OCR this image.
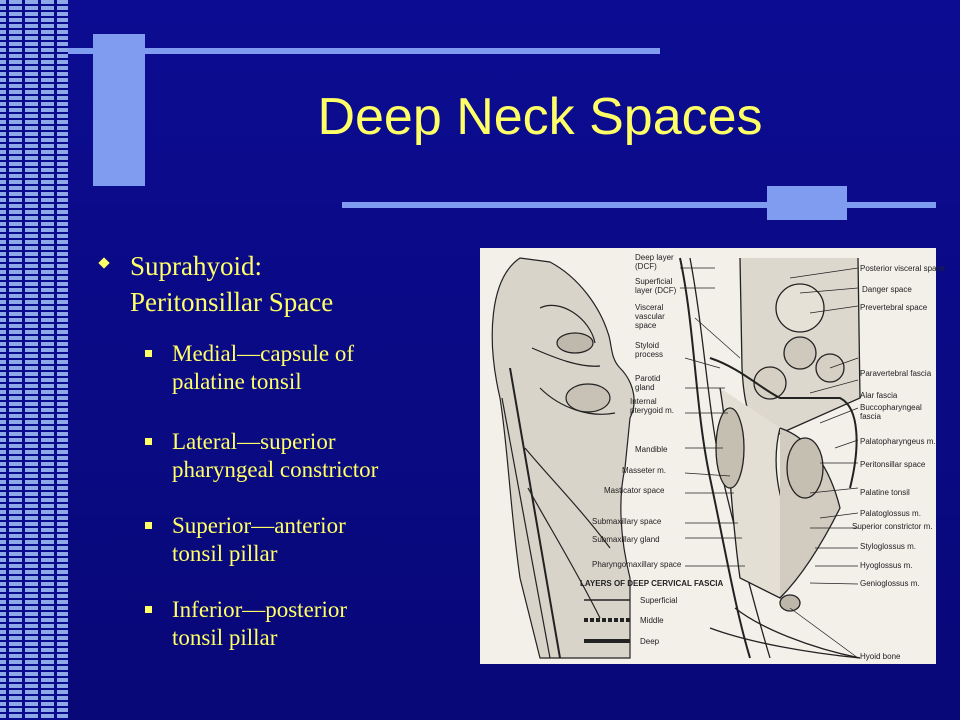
Deep Neck Spaces
Suprahyoid:
Peritonsillar Space
Medial—capsule of
palatine tonsil
Lateral—superior
pharyngeal constrictor
Superior—anterior
tonsil pillar
Inferior—posterior
tonsil pillar
Deep layer
(DCF)
Superficial
layer (DCF)
Visceral
vascular
space
Styloid
process
Parotid
gland
Internal
pterygoid m.
Mandible
Masseter m.
Masticator space
Submaxillary space
Submaxillary gland
Pharyngomaxillary space
Posterior visceral space
Danger space
Prevertebral space
Paravertebral fascia
Alar fascia
Buccopharyngeal
fascia
Palatopharyngeus m.
Peritonsillar space
Palatine tonsil
Palatoglossus m.
Superior constrictor m.
Styloglossus m.
Hyoglossus m.
Genioglossus m.
Hyoid bone
LAYERS OF DEEP CERVICAL FASCIA
Superficial
Middle
Deep
